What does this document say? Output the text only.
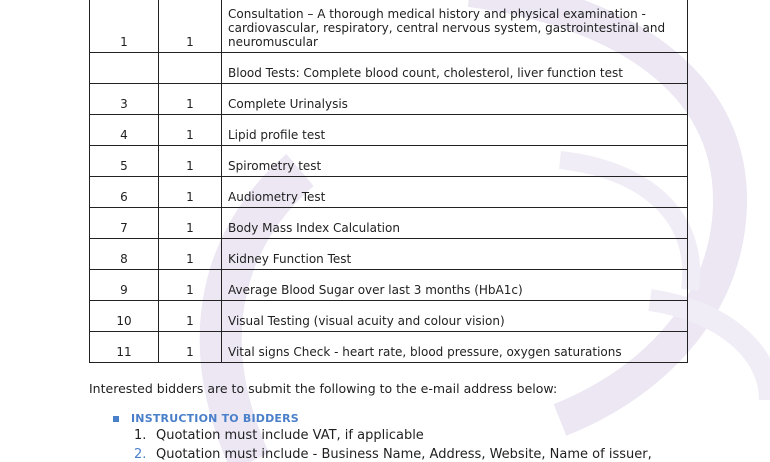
1	1	Consultation – A thorough medical history and physical examination - cardiovascular, respiratory, central nervous system, gastrointestinal and neuromuscular
		Blood Tests: Complete blood count, cholesterol, liver function test
3	1	Complete Urinalysis
4	1	Lipid profile test
5	1	Spirometry test
6	1	Audiometry Test
7	1	Body Mass Index Calculation
8	1	Kidney Function Test
9	1	Average Blood Sugar over last 3 months (HbA1c)
10	1	Visual Testing (visual acuity and colour vision)
11	1	Vital signs Check - heart rate, blood pressure, oxygen saturations
Interested bidders are to submit the following to the e-mail address below:
INSTRUCTION TO BIDDERS
1. Quotation must include VAT, if applicable
2. Quotation must include - Business Name, Address, Website, Name of issuer,
